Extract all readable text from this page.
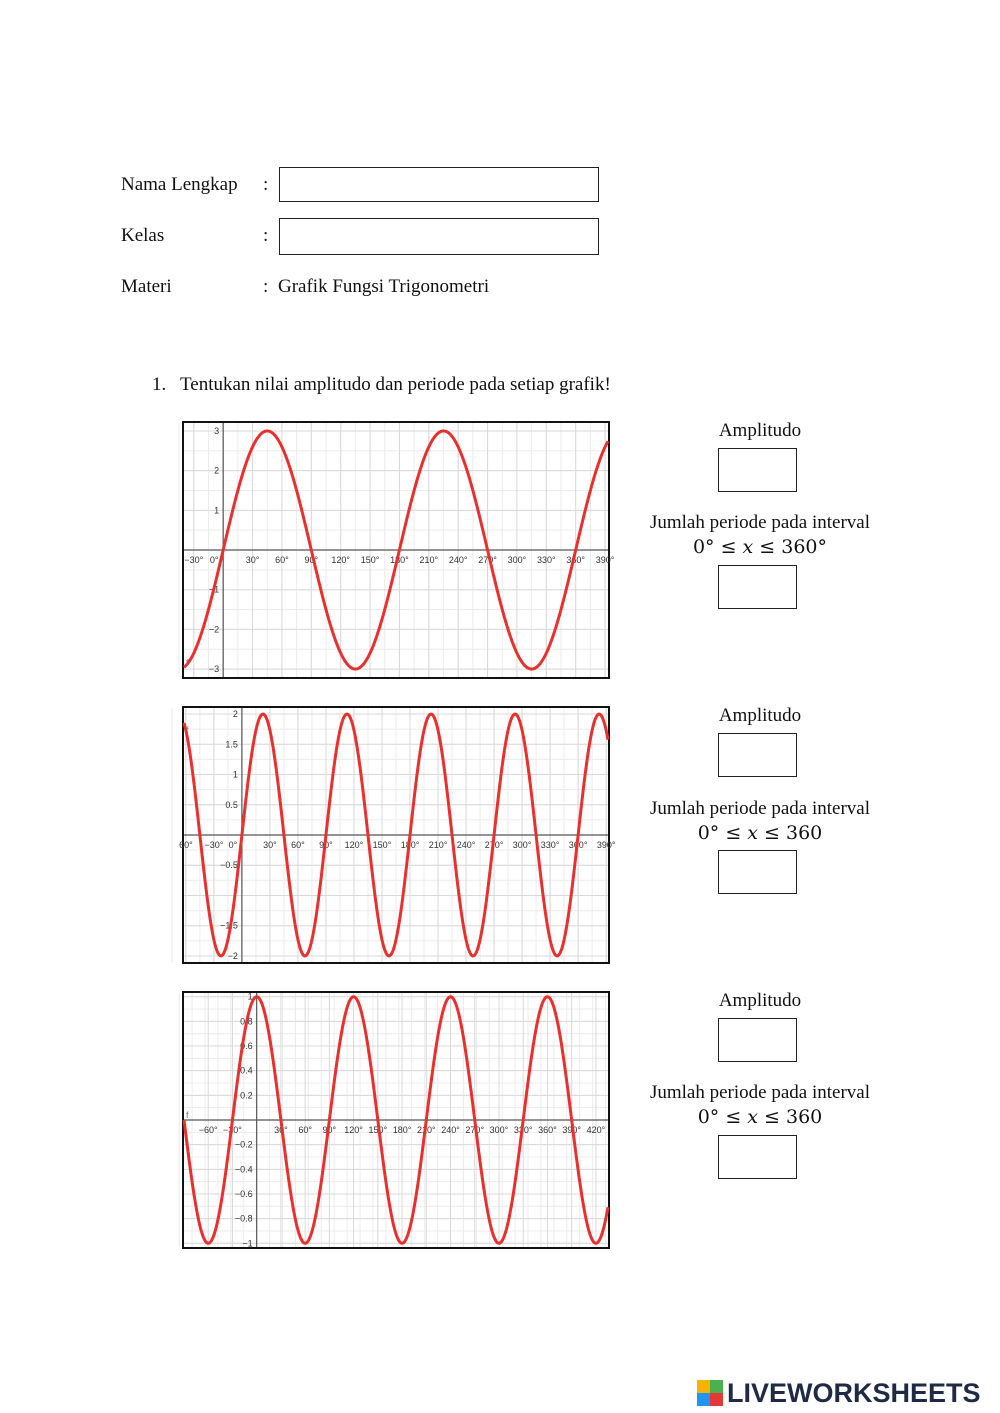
Nama Lengkap :
Kelas	:
Materi	: Grafik Fungsi Trigonometri
1. Tentukan nilai amplitudo dan periode pada setiap grafik!
−30° 0°	30° 60° 90° 120° 150° 180° 210° 240° 270° 300° 330° 360° 390°
3
2
1
−1
−2
−3
f
60° −30° 0°	30° 60° 90° 120° 150° 180° 210° 240° 270° 300° 330° 360° 390°
2
1.5
1
0.5
−0.5
−1.5
−2
f
−60° −30°	30° 60° 90° 120° 150° 180° 210° 240° 270° 300° 330° 360° 390° 420°
1
0.8
0.6
0.4
0.2
−0.2
−0.4
−0.6
−0.8
−1
f
Amplitudo
Jumlah periode pada interval
0° ≤ 𝑥 ≤ 360°
Amplitudo
Jumlah periode pada interval
0° ≤ 𝑥 ≤ 360
Amplitudo
Jumlah periode pada interval
0° ≤ 𝑥 ≤ 360
LIVEWORKSHEETS
